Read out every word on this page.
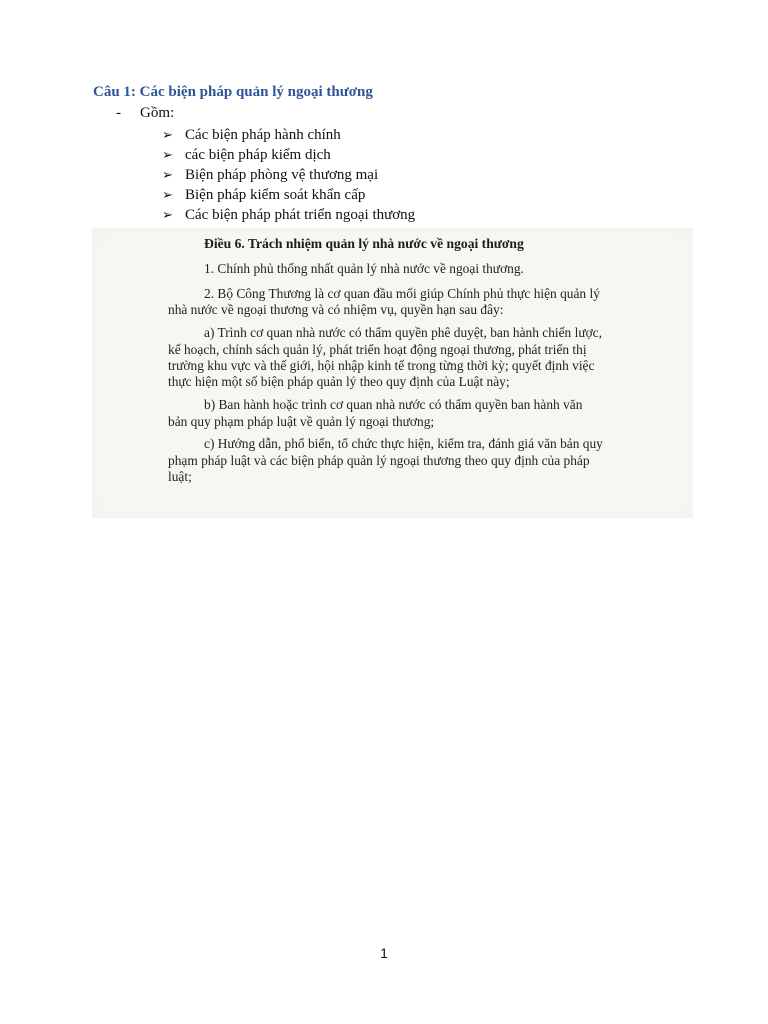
Câu 1: Các biện pháp quản lý ngoại thương
- Gồm:
➢ Các biện pháp hành chính
➢ các biện pháp kiểm dịch
➢ Biện pháp phòng vệ thương mại
➢ Biện pháp kiểm soát khẩn cấp
➢ Các biện pháp phát triển ngoại thương
Điều 6. Trách nhiệm quản lý nhà nước về ngoại thương
1. Chính phủ thống nhất quản lý nhà nước về ngoại thương.
2. Bộ Công Thương là cơ quan đầu mối giúp Chính phủ thực hiện quản lý
nhà nước về ngoại thương và có nhiệm vụ, quyền hạn sau đây:
a) Trình cơ quan nhà nước có thẩm quyền phê duyệt, ban hành chiến lược,
kế hoạch, chính sách quản lý, phát triển hoạt động ngoại thương, phát triển thị
trường khu vực và thế giới, hội nhập kinh tế trong từng thời kỳ; quyết định việc
thực hiện một số biện pháp quản lý theo quy định của Luật này;
b) Ban hành hoặc trình cơ quan nhà nước có thẩm quyền ban hành văn
bản quy phạm pháp luật về quản lý ngoại thương;
c) Hướng dẫn, phổ biến, tổ chức thực hiện, kiểm tra, đánh giá văn bản quy
phạm pháp luật và các biện pháp quản lý ngoại thương theo quy định của pháp
luật;
1
